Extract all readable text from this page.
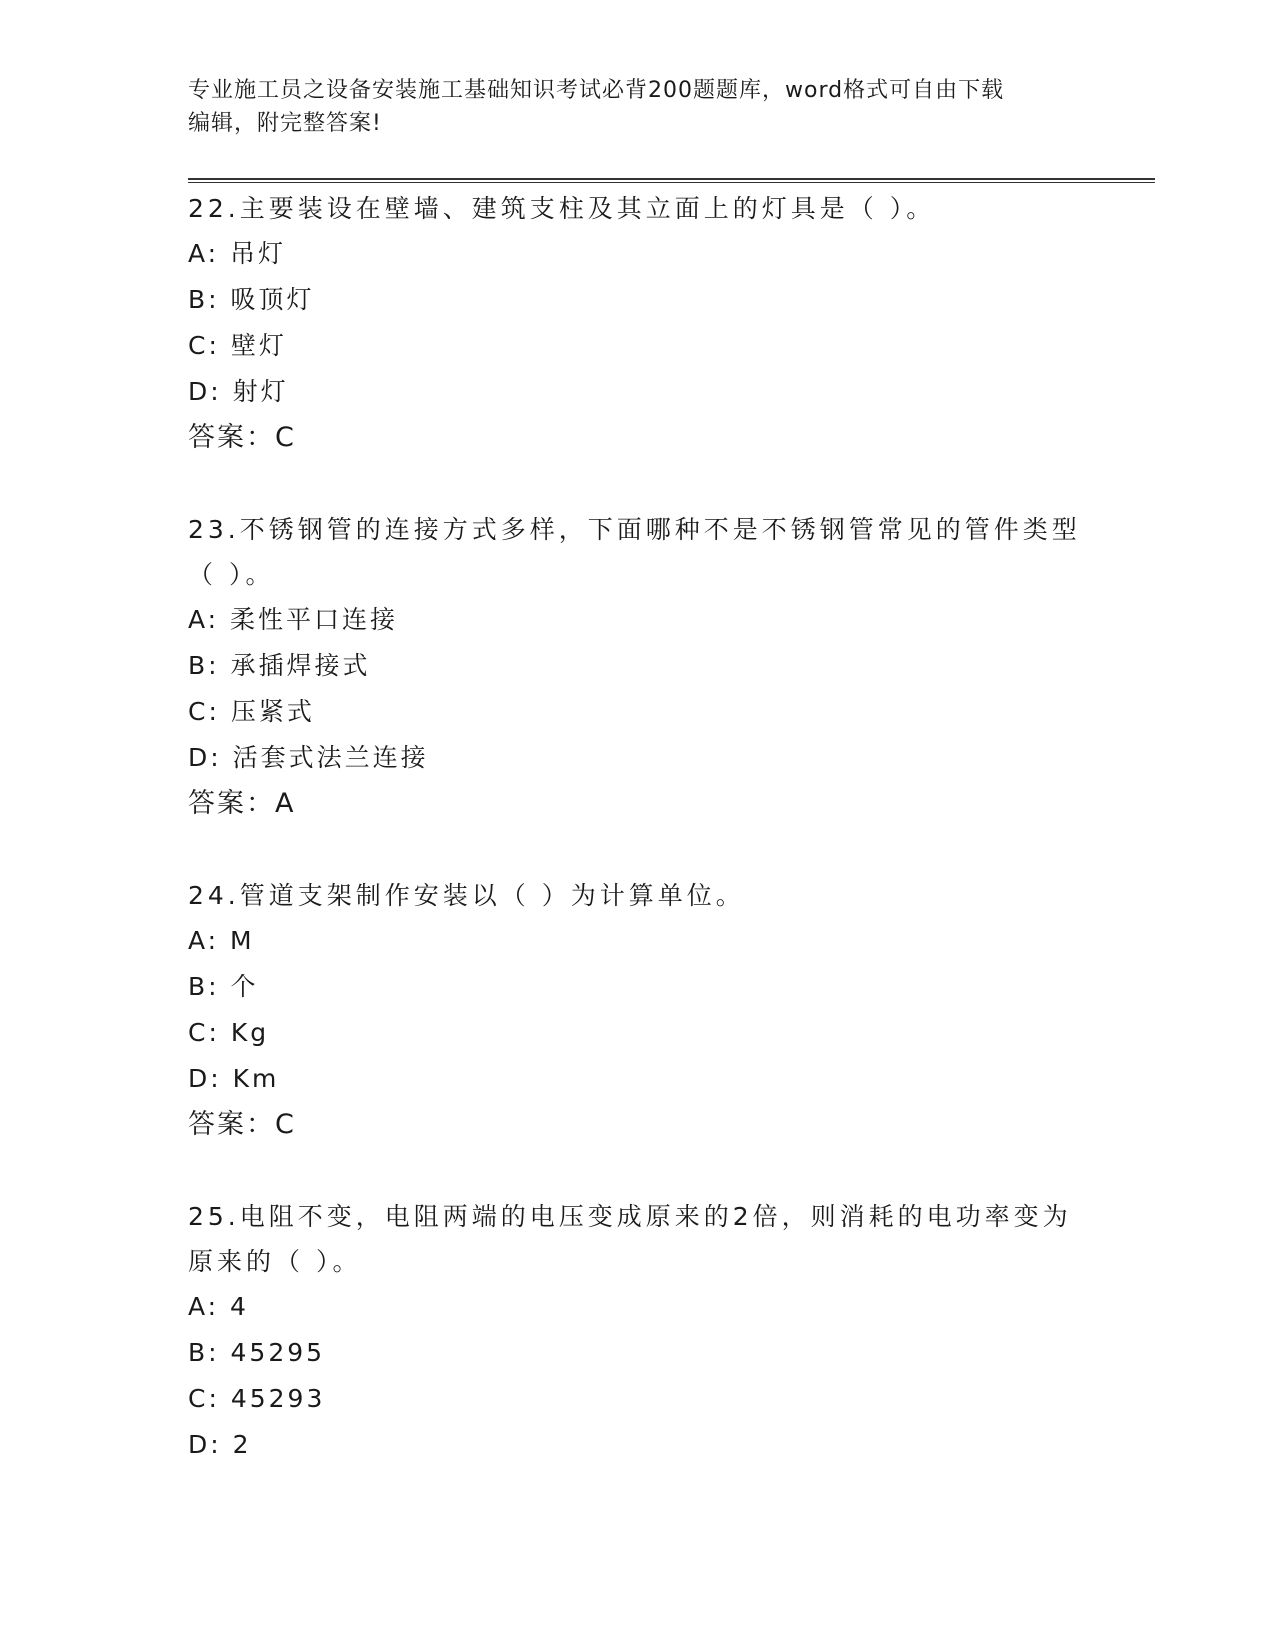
专业施工员之设备安装施工基础知识考试必背200题题库，word格式可自由下载
编辑，附完整答案!

22.主要装设在壁墙、建筑支柱及其立面上的灯具是（ ）。

A: 吊灯

B: 吸顶灯

C: 壁灯

D: 射灯

答案：C

23.不锈钢管的连接方式多样，下面哪种不是不锈钢管常见的管件类型

（ ）。

A: 柔性平口连接

B: 承插焊接式

C: 压紧式

D: 活套式法兰连接

答案：A

24.管道支架制作安装以（ ）为计算单位。

A: M

B: 个

C: Kg

D: Km

答案：C

25.电阻不变，电阻两端的电压变成原来的2倍，则消耗的电功率变为

原来的（ ）。

A: 4

B: 45295

C: 45293

D: 2
